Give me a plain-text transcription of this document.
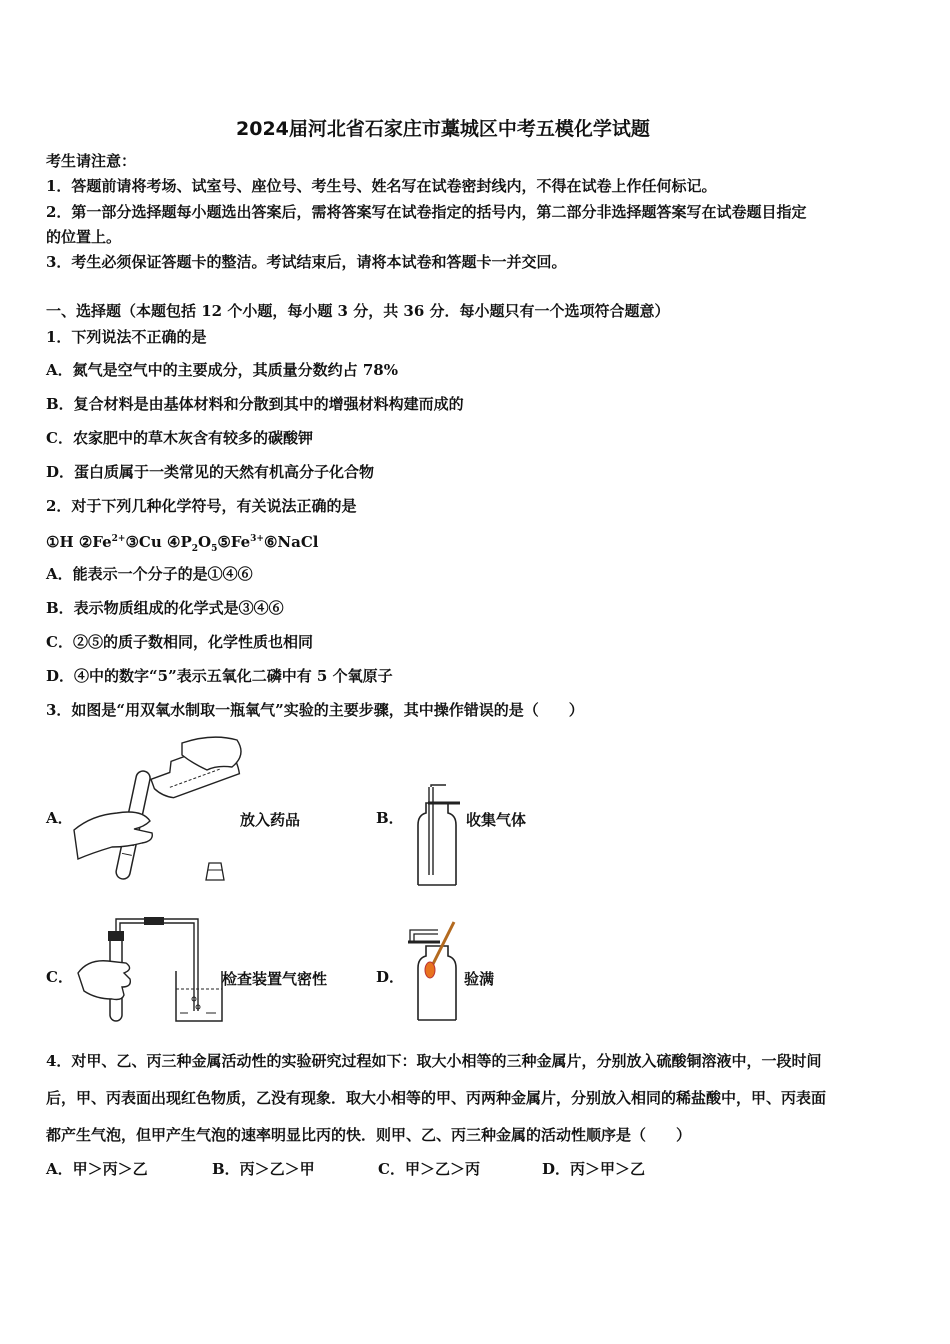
2024届河北省石家庄市藁城区中考五模化学试题
考生请注意：
1．答题前请将考场、试室号、座位号、考生号、姓名写在试卷密封线内，不得在试卷上作任何标记。
2．第一部分选择题每小题选出答案后，需将答案写在试卷指定的括号内，第二部分非选择题答案写在试卷题目指定
的位置上。
3．考生必须保证答题卡的整洁。考试结束后，请将本试卷和答题卡一并交回。
一、选择题（本题包括 12 个小题，每小题 3 分，共 36 分．每小题只有一个选项符合题意）
1．下列说法不正确的是
A．氮气是空气中的主要成分，其质量分数约占 78%
B．复合材料是由基体材料和分散到其中的增强材料构建而成的
C．农家肥中的草木灰含有较多的碳酸钾
D．蛋白质属于一类常见的天然有机高分子化合物
2．对于下列几种化学符号，有关说法正确的是
①H $②Fe^{2+}③Cu$ $④P_2O_5⑤Fe^{3+}⑥NaCl$
A．能表示一个分子的是①④⑥
B．表示物质组成的化学式是③④⑥
C．②⑤的质子数相同，化学性质也相同
D．④中的数字“5”表示五氧化二磷中有 5 个氧原子
3．如图是“用双氧水制取一瓶氧气”实验的主要步骤，其中操作错误的是（　　）
A．	放入药品	B．	收集气体
C．	检查装置气密性	D．	验满
4．对甲、乙、丙三种金属活动性的实验研究过程如下：取大小相等的三种金属片，分别放入硫酸铜溶液中，一段时间
后，甲、丙表面出现红色物质，乙没有现象．取大小相等的甲、丙两种金属片，分别放入相同的稀盐酸中，甲、丙表面
都产生气泡，但甲产生气泡的速率明显比丙的快．则甲、乙、丙三种金属的活动性顺序是（　　）
A．甲＞丙＞乙	B．丙＞乙＞甲	C．甲＞乙＞丙	D．丙＞甲＞乙
